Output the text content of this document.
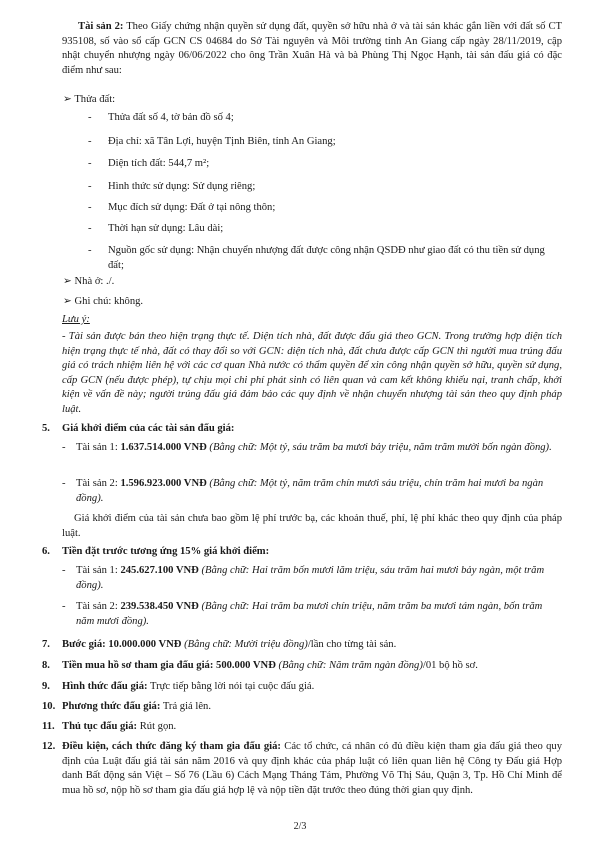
Tài sản 2: Theo Giấy chứng nhận quyền sử dụng đất, quyền sở hữu nhà ở và tài sản khác gắn liền với đất số CT 935108, số vào sổ cấp GCN CS 04684 do Sở Tài nguyên và Môi trường tỉnh An Giang cấp ngày 28/11/2019, cập nhật chuyển nhượng ngày 06/06/2022 cho ông Trần Xuân Hà và bà Phùng Thị Ngọc Hạnh, tài sản đấu giá có đặc điểm như sau:

➢ Thửa đất:

- Thửa đất số 4, tờ bản đồ số 4;
- Địa chỉ: xã Tân Lợi, huyện Tịnh Biên, tỉnh An Giang;
- Diện tích đất: 544,7 m²;
- Hình thức sử dụng: Sử dụng riêng;
- Mục đích sử dụng: Đất ở tại nông thôn;
- Thời hạn sử dụng: Lâu dài;
- Nguồn gốc sử dụng: Nhận chuyển nhượng đất được công nhận QSDĐ như giao đất có thu tiền sử dụng đất;

➢ Nhà ở: ./.

➢ Ghi chú: không.

Lưu ý:

- Tài sản được bán theo hiện trạng thực tế. Diện tích nhà, đất được đấu giá theo GCN. Trong trường hợp diện tích hiện trạng thực tế nhà, đất có thay đổi so với GCN: diện tích nhà, đất chưa được cấp GCN thì người mua trúng đấu giá có trách nhiệm liên hệ với các cơ quan Nhà nước có thẩm quyền để xin công nhận quyền sở hữu, quyền sử dụng, cấp GCN (nếu được phép), tự chịu mọi chi phí phát sinh có liên quan và cam kết không khiếu nại, tranh chấp, khởi kiện về vấn đề này; người trúng đấu giá đảm bảo các quy định về nhận chuyển nhượng tài sản theo quy định pháp luật.

5. Giá khởi điểm của các tài sản đấu giá:
- Tài sản 1: 1.637.514.000 VNĐ (Bằng chữ: Một tỷ, sáu trăm ba mươi bảy triệu, năm trăm mười bốn ngàn đồng).
- Tài sản 2: 1.596.923.000 VNĐ (Bằng chữ: Một tỷ, năm trăm chín mươi sáu triệu, chín trăm hai mươi ba ngàn đồng).

Giá khởi điểm của tài sản chưa bao gồm lệ phí trước bạ, các khoản thuế, phí, lệ phí khác theo quy định của pháp luật.

6. Tiền đặt trước tương ứng 15% giá khởi điểm:
- Tài sản 1: 245.627.100 VNĐ (Bằng chữ: Hai trăm bốn mươi lăm triệu, sáu trăm hai mươi bảy ngàn, một trăm đồng).
- Tài sản 2: 239.538.450 VNĐ (Bằng chữ: Hai trăm ba mươi chín triệu, năm trăm ba mươi tám ngàn, bốn trăm năm mươi đồng).
7. Bước giá: 10.000.000 VNĐ (Bằng chữ: Mười triệu đồng)/lần cho từng tài sản.
8. Tiền mua hồ sơ tham gia đấu giá: 500.000 VNĐ (Bằng chữ: Năm trăm ngàn đồng)/01 bộ hồ sơ.
9. Hình thức đấu giá: Trực tiếp bằng lời nói tại cuộc đấu giá.
10. Phương thức đấu giá: Trả giá lên.
11. Thủ tục đấu giá: Rút gọn.
12. Điều kiện, cách thức đăng ký tham gia đấu giá: Các tổ chức, cá nhân có đủ điều kiện tham gia đấu giá theo quy định của Luật đấu giá tài sản năm 2016 và quy định khác của pháp luật có liên quan liên hệ Công ty Đấu giá Hợp danh Bất động sản Việt – Số 76 (Lầu 6) Cách Mạng Tháng Tám, Phường Võ Thị Sáu, Quận 3, Tp. Hồ Chí Minh để mua hồ sơ, nộp hồ sơ tham gia đấu giá hợp lệ và nộp tiền đặt trước theo đúng thời gian quy định.

2/3
